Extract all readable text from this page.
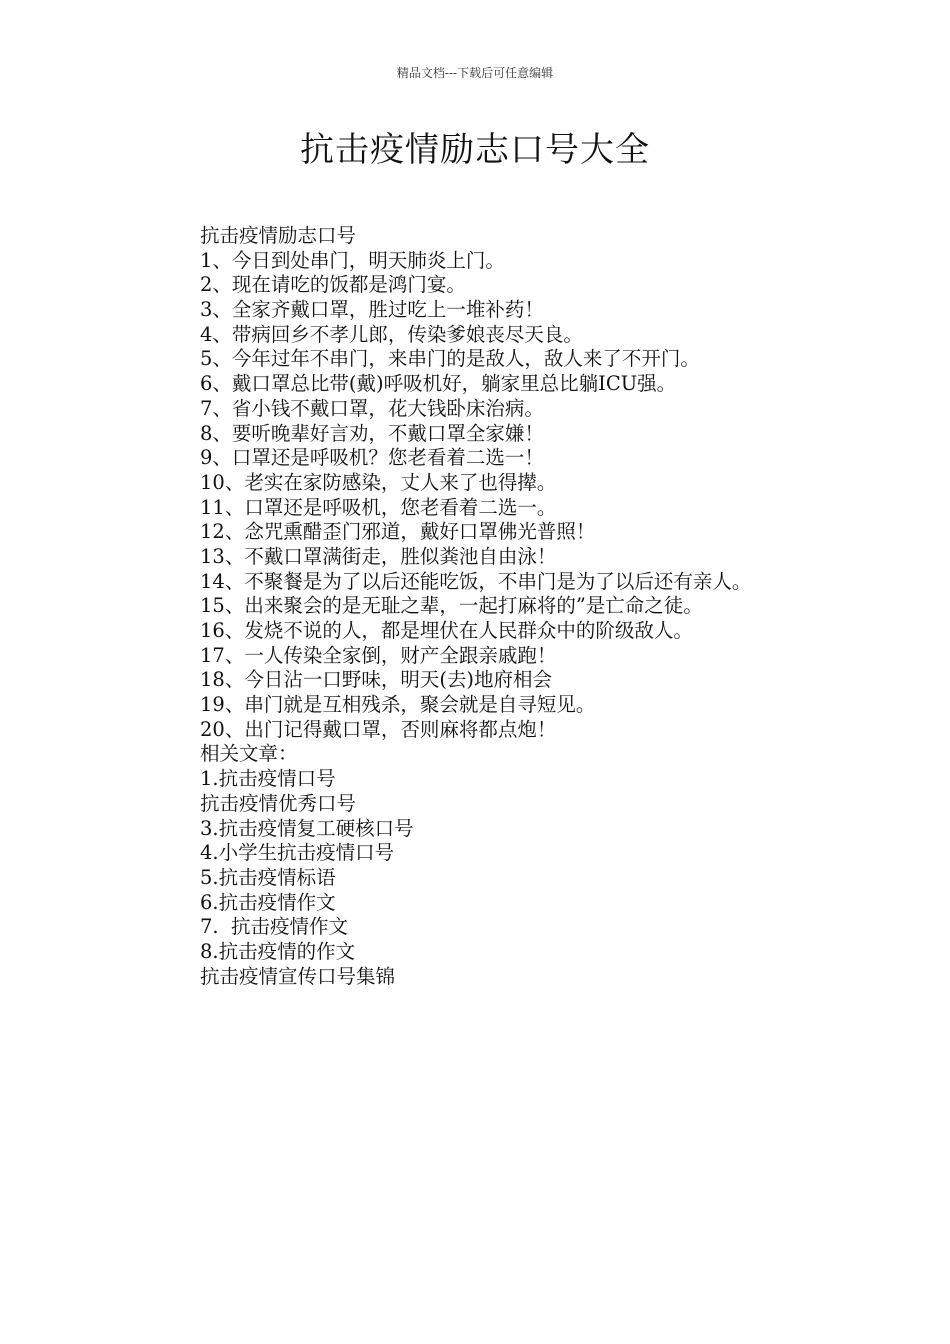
精品文档---下载后可任意编辑
抗击疫情励志口号大全
抗击疫情励志口号
1、今日到处串门，明天肺炎上门。
2、现在请吃的饭都是鸿门宴。
3、全家齐戴口罩，胜过吃上一堆补药！
4、带病回乡不孝儿郎，传染爹娘丧尽天良。
5、今年过年不串门，来串门的是敌人，敌人来了不开门。
6、戴口罩总比带(戴)呼吸机好，躺家里总比躺ICU强。
7、省小钱不戴口罩，花大钱卧床治病。
8、要听晚辈好言劝，不戴口罩全家嫌！
9、口罩还是呼吸机？您老看着二选一！
10、老实在家防感染，丈人来了也得撵。
11、口罩还是呼吸机，您老看着二选一。
12、念咒熏醋歪门邪道，戴好口罩佛光普照！
13、不戴口罩满街走，胜似粪池自由泳！
14、不聚餐是为了以后还能吃饭，不串门是为了以后还有亲人。
15、出来聚会的是无耻之辈，一起打麻将的”是亡命之徒。
16、发烧不说的人，都是埋伏在人民群众中的阶级敌人。
17、一人传染全家倒，财产全跟亲戚跑！
18、今日沾一口野味，明天(去)地府相会
19、串门就是互相残杀，聚会就是自寻短见。
20、出门记得戴口罩，否则麻将都点炮！
相关文章：
1.抗击疫情口号
抗击疫情优秀口号
3.抗击疫情复工硬核口号
4.小学生抗击疫情口号
5.抗击疫情标语
6.抗击疫情作文
7.  抗击疫情作文
8.抗击疫情的作文
抗击疫情宣传口号集锦
